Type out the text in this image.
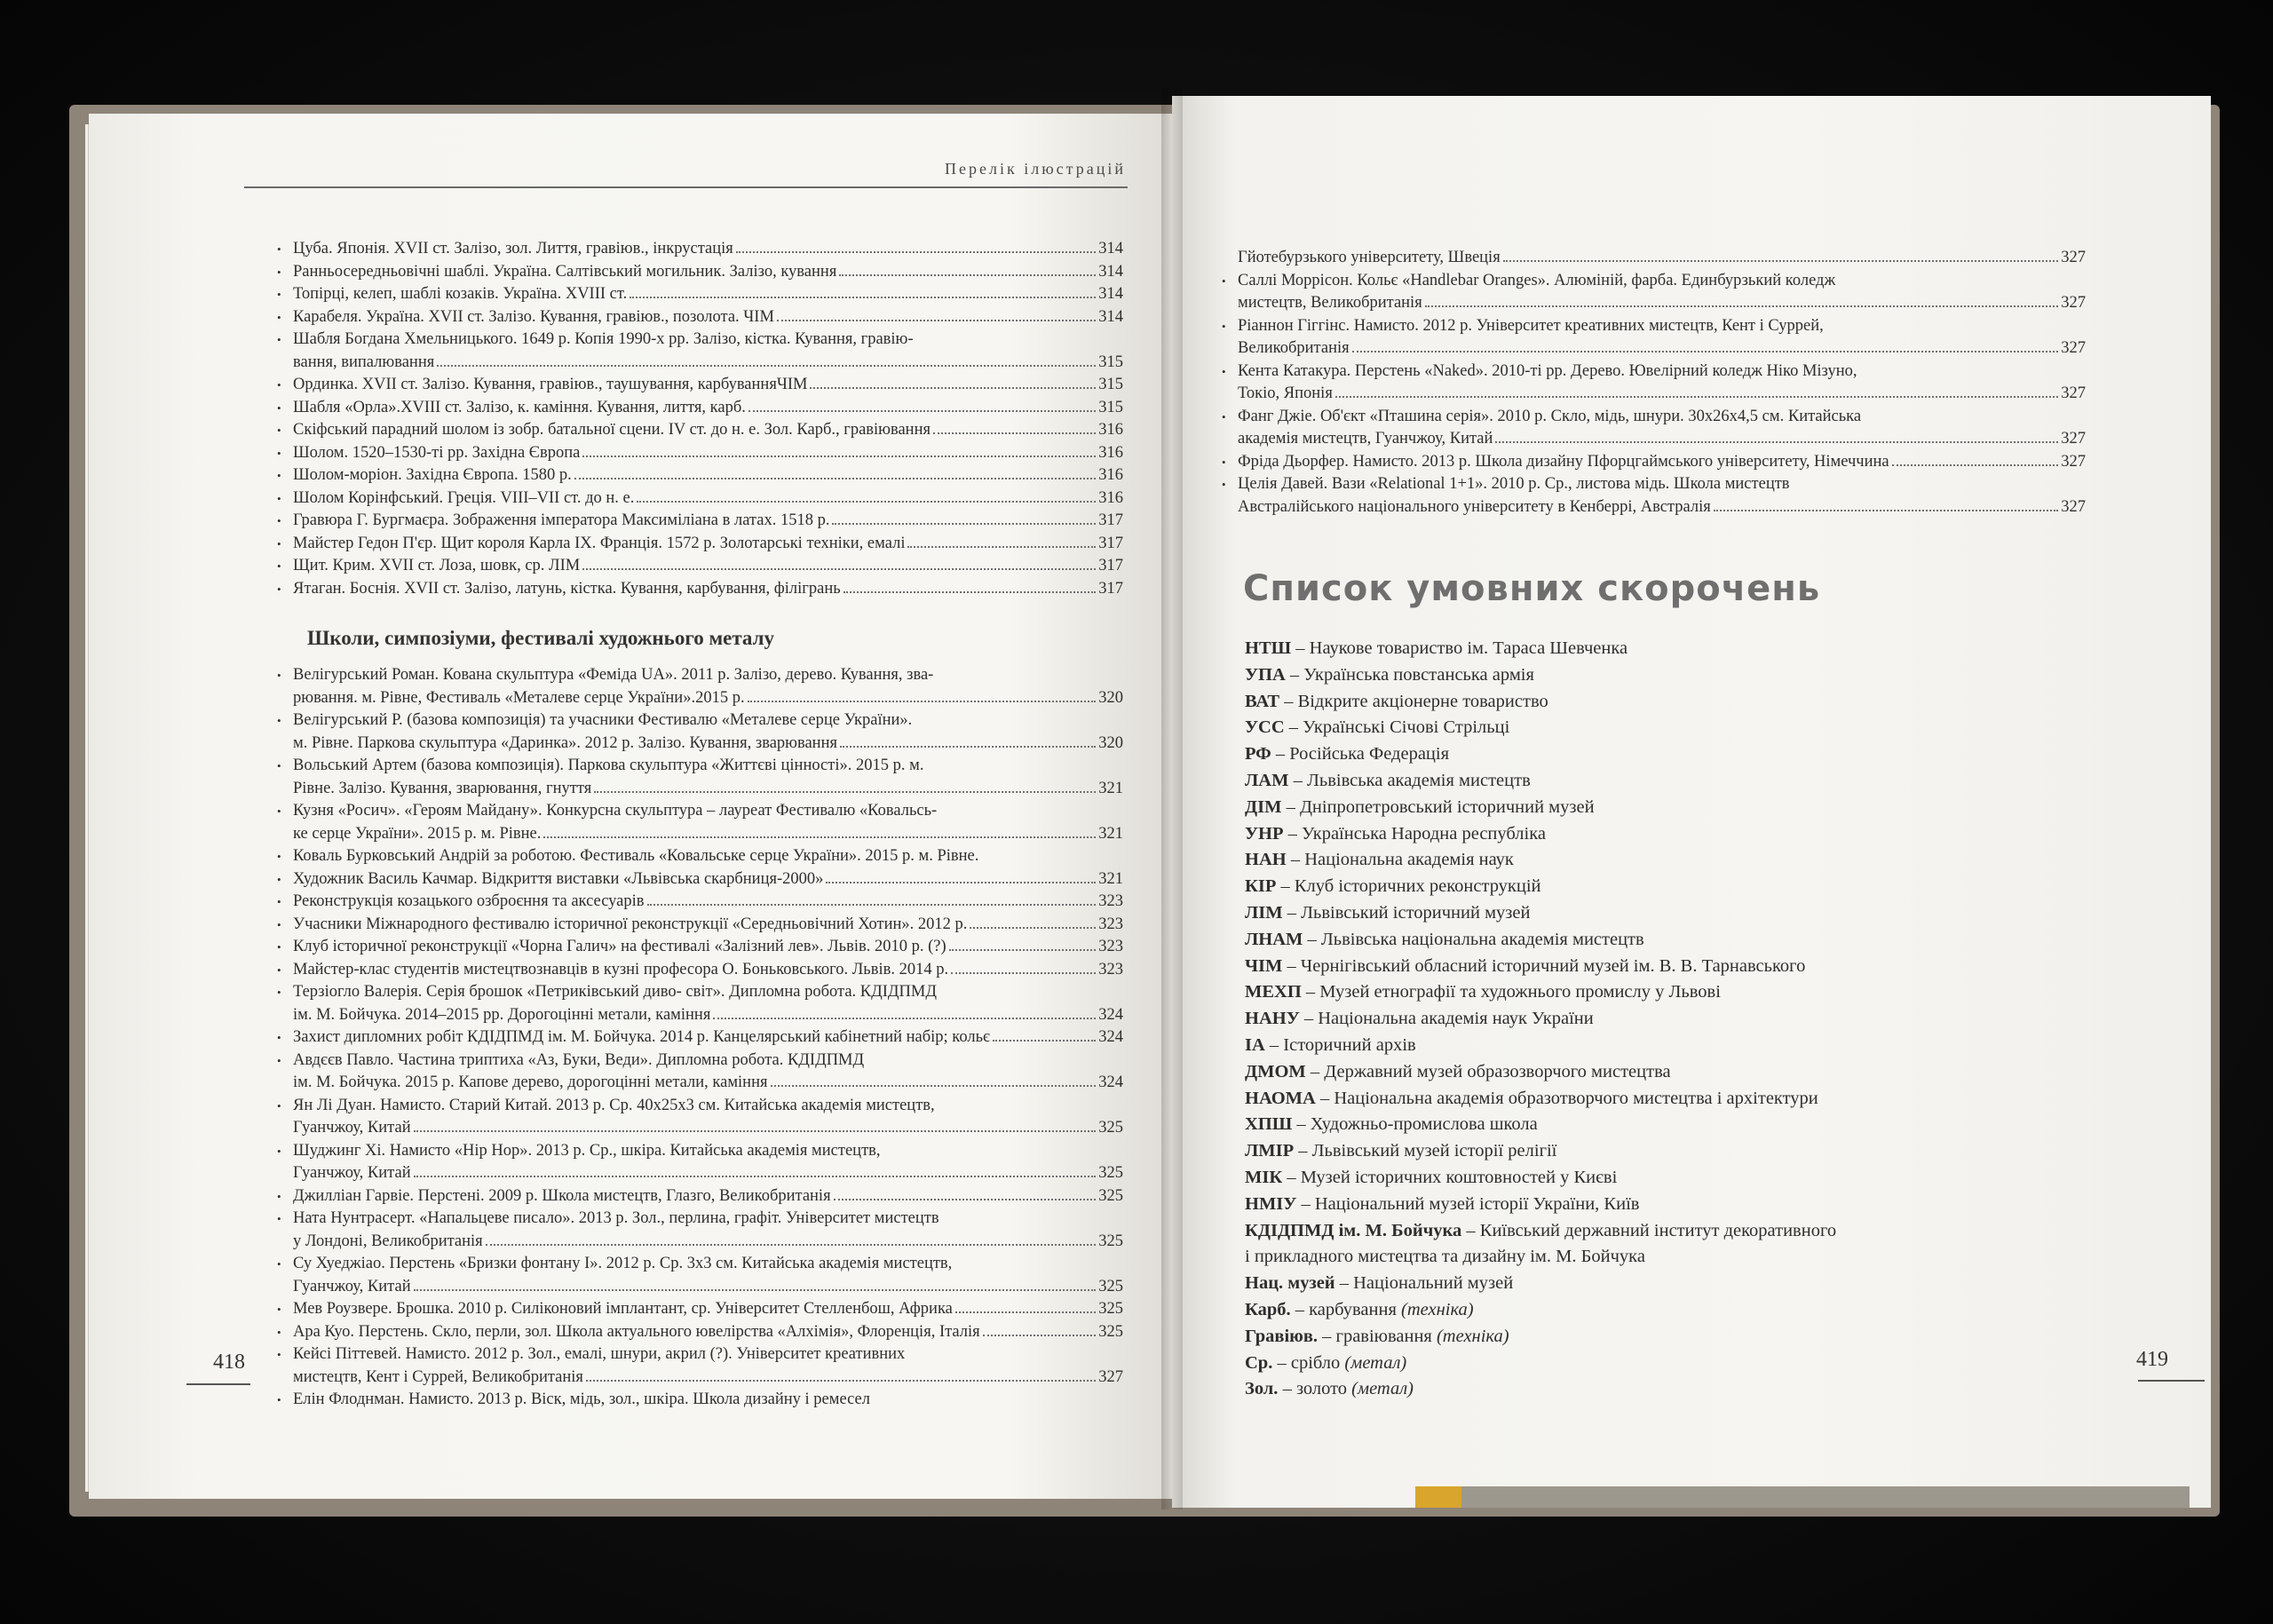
Перелік ілюстрацій
• Цуба. Японія. XVII ст. Залізо, зол. Лиття, гравіюв., інкрустація	314
• Ранньосередньовічні шаблі. Україна. Салтівський могильник. Залізо, кування	314
• Топірці, келеп, шаблі козаків. Україна. XVIII ст.	314
• Карабеля. Україна. XVII ст. Залізо. Кування, гравіюв., позолота. ЧІМ	314
• Шабля Богдана Хмельницького. 1649 р. Копія 1990-х рр. Залізо, кістка. Кування, гравію-
вання, випалювання	315
• Ординка. XVII ст. Залізо. Кування, гравіюв., таушування, карбуванняЧІМ	315
• Шабля «Орла».XVIII ст. Залізо, к. каміння. Кування, лиття, карб.	315
• Скіфський парадний шолом із зобр. батальної сцени. IV ст. до н. е. Зол. Карб., гравіювання	316
• Шолом. 1520–1530-ті рр. Західна Європа	316
• Шолом-моріон. Західна Європа. 1580 р.	316
• Шолом Корінфський. Греція. VIII–VII ст. до н. е.	316
• Гравюра Г. Бургмаєра. Зображення імператора Максиміліана в латах. 1518 р.	317
• Майстер Гедон П'єр. Щит короля Карла IX. Франція. 1572 р. Золотарські техніки, емалі	317
• Щит. Крим. XVII ст. Лоза, шовк, ср. ЛІМ	317
• Ятаган. Боснія. XVII ст. Залізо, латунь, кістка. Кування, карбування, філігрань	317
Школи, симпозіуми, фестивалі художнього металу
• Велігурський Роман. Кована скульптура «Феміда UA». 2011 р. Залізо, дерево. Кування, зва-
рювання. м. Рівне, Фестиваль «Металеве серце України».2015 р.	320
• Велігурський Р. (базова композиція) та учасники Фестивалю «Металеве серце України».
м. Рівне. Паркова скульптура «Даринка». 2012 р. Залізо. Кування, зварювання	320
• Вольський Артем (базова композиція). Паркова скульптура «Життєві цінності». 2015 р. м.
Рівне. Залізо. Кування, зварювання, гнуття	321
• Кузня «Росич». «Героям Майдану». Конкурсна скульптура – лауреат Фестивалю «Ковальсь-
ке серце України». 2015 р. м. Рівне.	321
• Коваль Бурковський Андрій за роботою. Фестиваль «Ковальське серце України». 2015 р. м. Рівне.
• Художник Василь Качмар. Відкриття виставки «Львівська скарбниця-2000»	321
• Реконструкція козацького озброєння та аксесуарів	323
• Учасники Міжнародного фестивалю історичної реконструкції «Середньовічний Хотин». 2012 р.	323
• Клуб історичної реконструкції «Чорна Галич» на фестивалі «Залізний лев». Львів. 2010 р. (?)	323
• Майстер-клас студентів мистецтвознавців в кузні професора О. Боньковського. Львів. 2014 р.	323
• Терзіогло Валерія. Серія брошок «Петриківський диво- світ». Дипломна робота. КДІДПМД
ім. М. Бойчука. 2014–2015 рр. Дорогоцінні метали, каміння	324
• Захист дипломних робіт КДІДПМД ім. М. Бойчука. 2014 р. Канцелярський кабінетний набір; кольє	324
• Авдєєв Павло. Частина триптиха «Аз, Буки, Веди». Дипломна робота. КДІДПМД
ім. М. Бойчука. 2015 р. Капове дерево, дорогоцінні метали, каміння	324
• Ян Лі Дуан. Намисто. Старий Китай. 2013 р. Ср. 40х25х3 см. Китайська академія мистецтв,
Гуанчжоу, Китай	325
• Шуджинг Хі. Намисто «Hip Hop». 2013 р. Ср., шкіра. Китайська академія мистецтв,
Гуанчжоу, Китай	325
• Джиллiан Гарвіе. Перстені. 2009 р. Школа мистецтв, Глазго, Великобританія	325
• Ната Нунтрасерт. «Напальцеве писало». 2013 р. Зол., перлина, графіт. Університет мистецтв
у Лондоні, Великобританія	325
• Су Хуеджіао. Перстень «Бризки фонтану I». 2012 р. Ср. 3х3 см. Китайська академія мистецтв,
Гуанчжоу, Китай	325
• Мев Роузвере. Брошка. 2010 р. Силіконовий імплантант, ср. Університет Стелленбош, Африка	325
• Ара Куо. Перстень. Скло, перли, зол. Школа актуального ювелірства «Алхімія», Флоренція, Італія	325
• Кейсі Піттевей. Намисто. 2012 р. Зол., емалі, шнури, акрил (?). Університет креативних
мистецтв, Кент і Суррей, Великобританія	327
• Елін Флоднман. Намисто. 2013 р. Віск, мідь, зол., шкіра. Школа дизайну і ремесел
418
Гйотебурзького університету, Швеція	327
• Саллі Моррісон. Кольє «Handlebar Oranges». Алюміній, фарба. Единбурзький коледж
мистецтв, Великобританія	327
• Ріаннон Гіггінс. Намисто. 2012 р. Університет креативних мистецтв, Кент і Суррей,
Великобританія	327
• Кента Катакура. Перстень «Naked». 2010-ті рр. Дерево. Ювелірний коледж Ніко Мізуно,
Токіо, Японія	327
• Фанг Джіе. Об'єкт «Пташина серія». 2010 р. Скло, мідь, шнури. 30х26х4,5 см. Китайська
академія мистецтв, Гуанчжоу, Китай	327
• Фріда Дьорфер. Намисто. 2013 р. Школа дизайну Пфорцгаймського університету, Німеччина	327
• Целія Давей. Вази «Relational 1+1». 2010 р. Ср., листова мідь. Школа мистецтв
Австралійського національного університету в Кенберрі, Австралія	327
Список умовних скорочень
НТШ – Наукове товариство ім. Тараса Шевченка
УПА – Українська повстанська армія
ВАТ – Відкрите акціонерне товариство
УСС – Українські Січові Стрільці
РФ – Російська Федерація
ЛАМ – Львівська академія мистецтв
ДІМ – Дніпропетровський історичний музей
УНР – Українська Народна республіка
НАН – Національна академія наук
КІР – Клуб історичних реконструкцій
ЛІМ – Львівський історичний музей
ЛНАМ – Львівська національна академія мистецтв
ЧІМ – Чернігівський обласний історичний музей ім. В. В. Тарнавського
МЕХП – Музей етнографії та художнього промислу у Львові
НАНУ – Національна академія наук України
ІА – Історичний архів
ДМОМ – Державний музей образозворчого мистецтва
НАОМА – Національна академія образотворчого мистецтва і архітектури
ХПШ – Художньо-промислова школа
ЛМІР – Львівський музей історії релігії
МІК – Музей історичних коштовностей у Києві
НМІУ – Національний музей історії України, Київ
КДІДПМД ім. М. Бойчука – Київський державний інститут декоративного
і прикладного мистецтва та дизайну ім. М. Бойчука
Нац. музей – Національний музей
Карб. – карбування (техніка)
Гравіюв. – гравіювання (техніка)
Ср. – срібло (метал)
Зол. – золото (метал)
419
